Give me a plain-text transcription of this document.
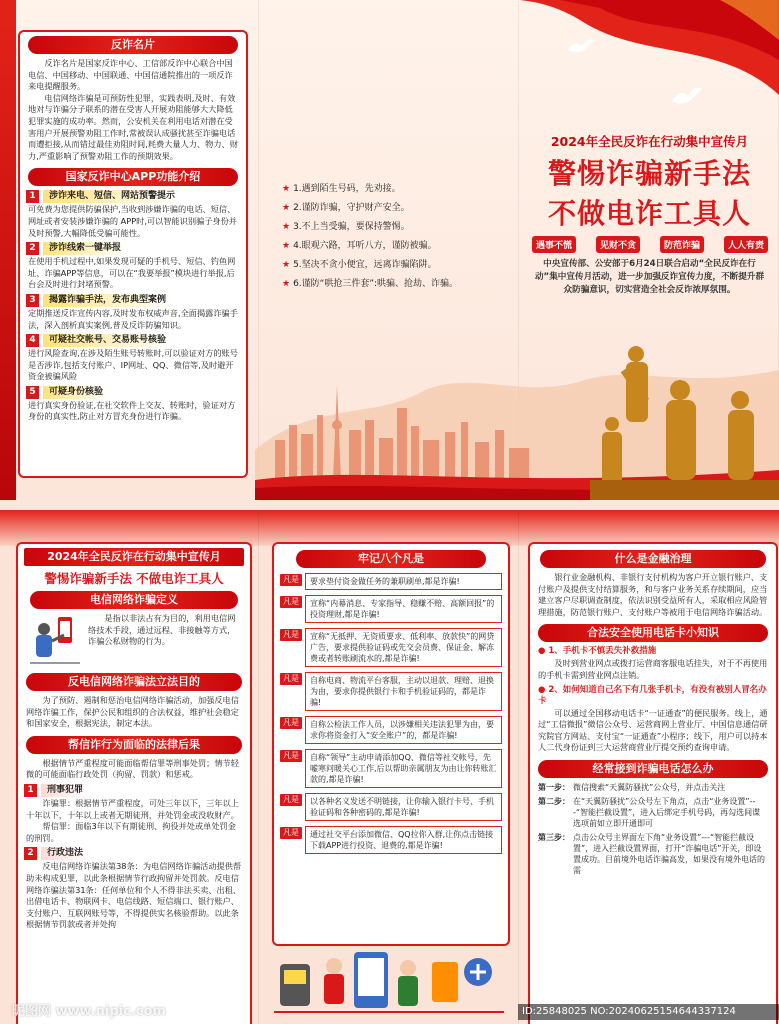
反诈名片
反诈名片是国家反诈中心、工信部反诈中心联合中国电信、中国移动、中国联通、中国信通院推出的一项反诈来电提醒服务。
电信网络诈骗是可预防性犯罪，实践表明,及时、有效地对与诈骗分子联系的潜在受害人开展劝阻能够大大降低犯罪实施的成功率。然而，公安机关在利用电话对潜在受害用户开展预警劝阻工作时,常被误认成骚扰甚至诈骗电话而遭拒接,从而错过最佳劝阻时间,耗费大量人力、物力、财力,严重影响了预警劝阻工作的预期效果。
国家反诈中心APP功能介绍
1	涉诈来电、短信、网站预警提示
可免费为您提供防骗保护,当收到涉嫌诈骗的电话、短信、网址或者安装涉嫌诈骗的 APP时,可以智能识别骗子身份并及时预警,大幅降低受骗可能性。
2	涉诈线索一键举报
在使用手机过程中,如果发现可疑的手机号、短信、钓鱼网址、诈骗APP等信息，可以在“我要举报”模块进行举报,后台会及时进行封堵预警。
3	揭露诈骗手法，发布典型案例
定期推送反诈宣传内容,及时发布权威声音,全面揭露诈骗手法，深入剖析真实案例,普及反诈防骗知识。
4	可疑社交帐号、交易账号核验
进行风险查询,在涉及陌生账号转账时,可以验证对方的账号是否涉诈,包括支付账户、IP网址、QQ、微信等,及时避开资金被骗风险
5	可疑身份核验
进行真实身份验证,在社交软件上交友、转账时，验证对方身份的真实性,防止对方冒充身份进行诈骗。
★ 1.遇到陌生号码，先劝接。
★ 2.谨防诈骗，守护财产安全。
★ 3.不上当受骗，要保持警惕。
★ 4.眼观六路，耳听八方，谨防被骗。
★ 5.坚决不贪小便宜，远离诈骗陷阱。
★ 6.谨防“哄抢三件套”:哄骗、抢劫、诈骗。
2024年全民反诈在行动集中宣传月
警惕诈骗新手法
不做电诈工具人
遇事不慌	见财不贪	防范诈骗	人人有责
中央宣传部、公安部于6月24日联合启动“全民反诈在行动”集中宣传月活动，进一步加强反诈宣传力度，不断提升群众防骗意识，切实营造全社会反诈浓厚氛围。
2024年全民反诈在行动集中宣传月
警惕诈骗新手法 不做电诈工具人
电信网络诈骗定义
是指以非法占有为目的，利用电信网络技术手段，通过远程、非接触等方式，诈骗公私财物的行为。
反电信网络诈骗法立法目的
为了预防、遏制和惩治电信网络诈骗活动，加强反电信网络诈骗工作，保护公民和组织的合法权益，维护社会稳定和国家安全，根据宪法，制定本法。
帮信诈行为面临的法律后果
根据情节严重程度可能面临帮信罪等刑事处罚；情节轻微的可能面临行政处罚（拘留、罚款）和惩戒。
1	刑事犯罪
诈骗罪：根据情节严重程度，可处三年以下，三年以上十年以下，十年以上或者无期徒刑，并处罚金或没收财产。
帮信罪：面临3年以下有期徒刑、拘役并处或单处罚金的刑罚。
2	行政违法
反电信网络诈骗法第38条：为电信网络诈骗活动提供帮助未构成犯罪，以此条根据情节行政拘留并处罚款。反电信网络诈骗法第31条：任何单位和个人不得非法买卖、出租、出借电话卡、物联网卡、电信线路、短信端口、银行账户、支付账户、互联网账号等，不得提供实名核验帮助。以此条根据情节罚款或者并处拘
牢记八个凡是
凡是	要求垫付资金做任务的兼职刷单,都是诈骗!
凡是	宣称“内幕消息、专家指导、稳赚不赔、高额回报”的投资理财,都是诈骗!
凡是	宣称“无抵押、无资质要求、低利率、放款快”的网贷广告，要求提供验证码或先交会员费、保证金、解冻费或者转账刷流水的,都是诈骗!
凡是	自称电商、物流平台客服，主动以退款、理赔、退换为由，要求你提供银行卡和手机验证码的，都是诈骗!
凡是	自称公检法工作人员，以涉嫌相关违法犯罪为由，要求你将资金打入“安全账户”的，都是诈骗!
凡是	自称“领导”主动申请添加QQ、微信等社交帐号，先嘘寒问暖关心工作,后以帮助亲属朋友为由让你转账汇款的,都是诈骗!
凡是	以各种名义发送不明链接，让你输入银行卡号、手机验证码和各种密码的,都是诈骗!
凡是	通过社交平台添加微信、QQ拉你入群,让你点击链接下载APP进行投资、退费的,都是诈骗!
什么是金融治理
银行业金融机构、非银行支付机构为客户开立银行账户、支付账户及提供支付结算服务，和与客户业务关系存续期间，应当建立客户尽职调查制度，依法识别受益所有人，采取相应风险管理措施，防范银行账户、支付账户等被用于电信网络诈骗活动。
合法安全使用电话卡小知识
● 1、手机卡不慎丢失补救措施
及时到营业网点或拨打运营商客服电话挂失，对于不再使用的手机卡需到营业网点注销。
● 2、如何知道自己名下有几张手机卡，有没有被别人冒名办卡
可以通过全国移动电话卡“一证通查”的便民服务。线上，通过“工信微报”微信公众号、运营商网上营业厅、中国信息通信研究院官方网站、支付宝“一证通查”小程序；线下，用户可以持本人二代身份证到三大运营商营业厅提交预约查询申请。
经常接到诈骗电话怎么办
第一步： 微信搜索“天翼防骚扰”公众号，并点击关注
第二步： 在“天翼防骚扰”公众号左下角点，点击“业务设置”---“智能拦截设置”，进入后绑定手机号码，再勾选间谍选项前如立即开通即可
第三步： 点击公众号主界面左下角“业务设置”---“智能拦截设置”，进入拦截设置界面，打开“诈骗电话”开关，即设置成功。目前境外电话诈骗高发，如果没有境外电话的需
昵图网 www.nipic.com	ID:25848025 NO:20240625154644337124
